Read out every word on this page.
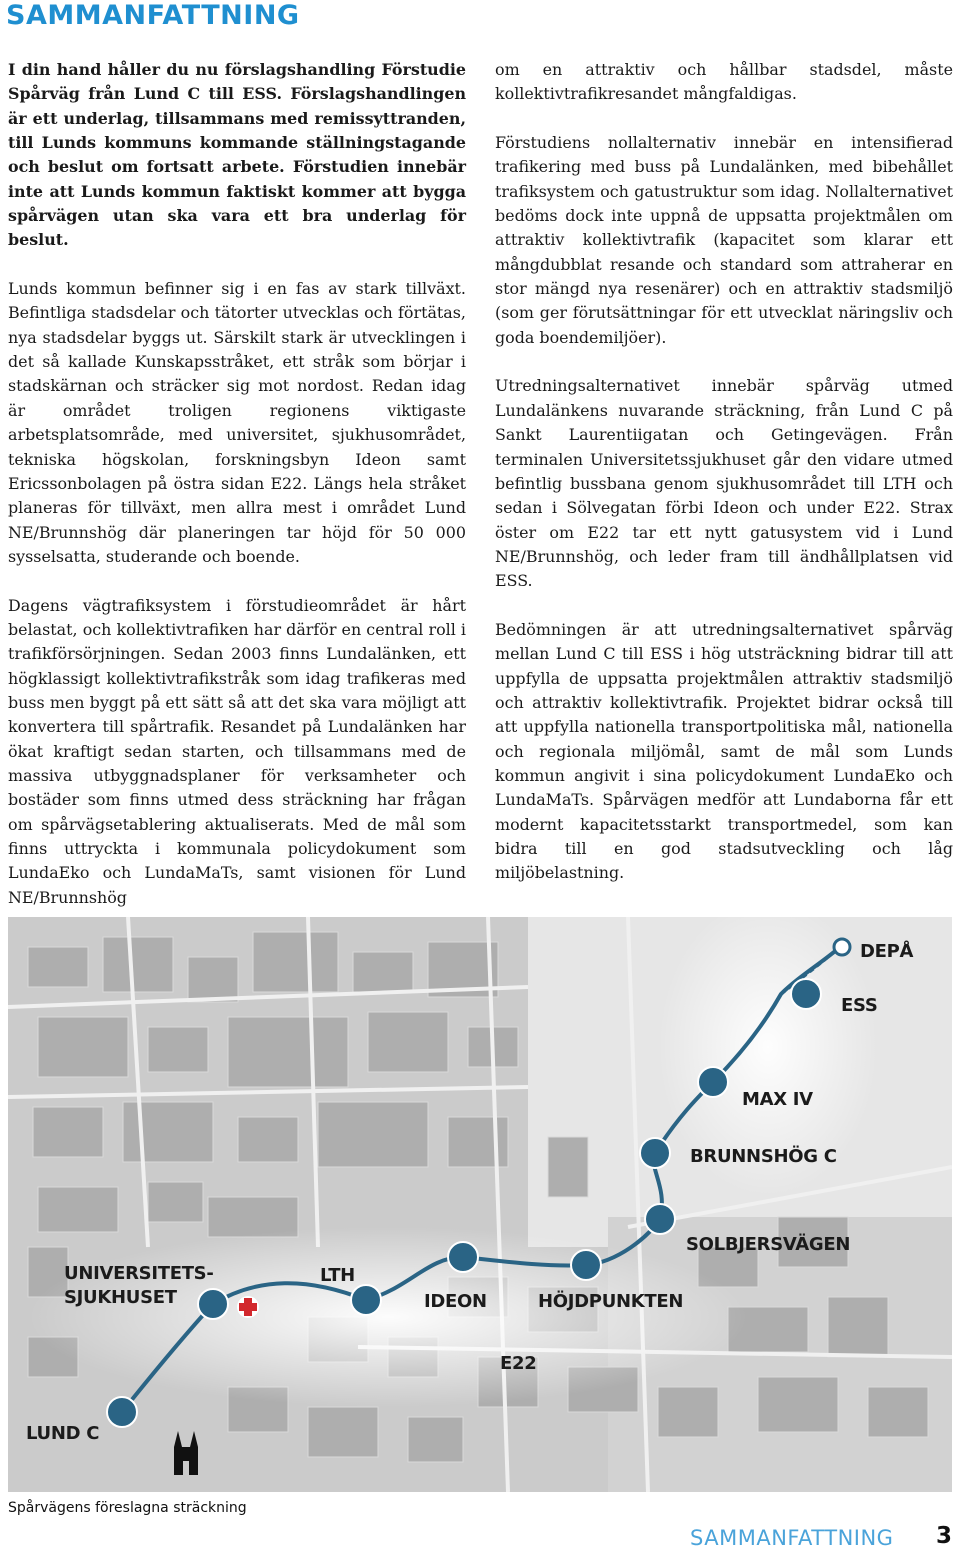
SAMMANFATTNING

I din hand håller du nu förslagshandling Förstudie Spårväg från Lund C till ESS. Förslagshandlingen är ett underlag, tillsammans med remissyttranden, till Lunds kommuns kommande ställningstagande och beslut om fortsatt arbete. Förstudien innebär inte att Lunds kommun faktiskt kommer att bygga spårvägen utan ska vara ett bra underlag för beslut.

Lunds kommun befinner sig i en fas av stark tillväxt. Befintliga stadsdelar och tätorter utvecklas och förtätas, nya stadsdelar byggs ut. Särskilt stark är utvecklingen i det så kallade Kunskapsstråket, ett stråk som börjar i stadskärnan och sträcker sig mot nordost. Redan idag är området troligen regionens viktigaste arbetsplatsområde, med universitet, sjukhusområdet, tekniska högskolan, forskningsbyn Ideon samt Ericssonbolagen på östra sidan E22. Längs hela stråket planeras för tillväxt, men allra mest i området Lund NE/Brunnshög där planeringen tar höjd för 50 000 sysselsatta, studerande och boende.

Dagens vägtrafiksystem i förstudieområdet är hårt belastat, och kollektivtrafiken har därför en central roll i trafikförsörjningen. Sedan 2003 finns Lundalänken, ett högklassigt kollektivtrafikstråk som idag trafikeras med buss men byggt på ett sätt så att det ska vara möjligt att konvertera till spårtrafik. Resandet på Lundalänken har ökat kraftigt sedan starten, och tillsammans med de massiva utbyggnadsplaner för verksamheter och bostäder som finns utmed dess sträckning har frågan om spårvägsetablering aktualiserats. Med de mål som finns uttryckta i kommunala policydokument som LundaEko och LundaMaTs, samt visionen för Lund NE/Brunnshög

om en attraktiv och hållbar stadsdel, måste kollektivtrafikresandet mångfaldigas.

Förstudiens nollalternativ innebär en intensifierad trafikering med buss på Lundalänken, med bibehållet trafiksystem och gatustruktur som idag. Nollalternativet bedöms dock inte uppnå de uppsatta projektmålen om attraktiv kollektivtrafik (kapacitet som klarar ett mångdubblat resande och standard som attraherar en stor mängd nya resenärer) och en attraktiv stadsmiljö (som ger förutsättningar för ett utvecklat näringsliv och goda boendemiljöer).

Utredningsalternativet innebär spårväg utmed Lundalänkens nuvarande sträckning, från Lund C på Sankt Laurentiigatan och Getingevägen. Från terminalen Universitetssjukhuset går den vidare utmed befintlig bussbana genom sjukhusområdet till LTH och sedan i Sölvegatan förbi Ideon och under E22. Strax öster om E22 tar ett nytt gatusystem vid i Lund NE/Brunnshög, och leder fram till ändhållplatsen vid ESS.

Bedömningen är att utredningsalternativet spårväg mellan Lund C till ESS i hög utsträckning bidrar till att uppfylla de uppsatta projektmålen attraktiv stadsmiljö och attraktiv kollektivtrafik. Projektet bidrar också till att uppfylla nationella transportpolitiska mål, nationella och regionala miljömål, samt de mål som Lunds kommun angivit i sina policydokument LundaEko och LundaMaTs. Spårvägen medför att Lundaborna får ett modernt kapacitetsstarkt transportmedel, som kan bidra till en god stadsutveckling och låg miljöbelastning.

LUND C
UNIVERSITETS-
SJUKHUSET
LTH
IDEON	HÖJDPUNKTEN
SOLBJERSVÄGEN
BRUNNSHÖG C
MAX IV
ESS
DEPÅ
E22
Spårvägens föreslagna sträckning
SAMMANFATTNING 3
